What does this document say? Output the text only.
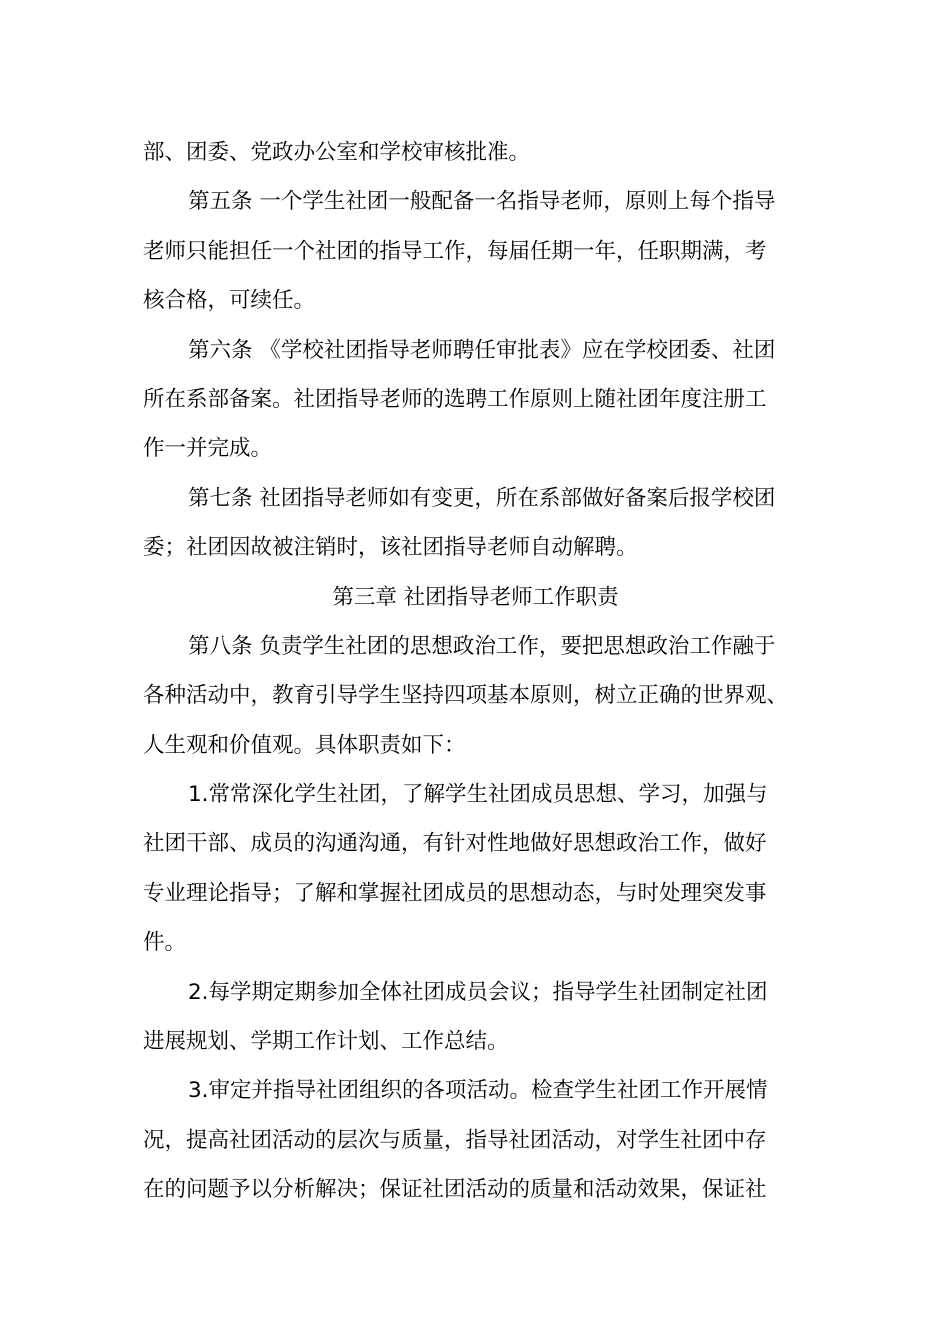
部、团委、党政办公室和学校审核批准。
第五条 一个学生社团一般配备一名指导老师，原则上每个指导
老师只能担任一个社团的指导工作，每届任期一年，任职期满，考
核合格，可续任。
第六条 《学校社团指导老师聘任审批表》应在学校团委、社团
所在系部备案。社团指导老师的选聘工作原则上随社团年度注册工
作一并完成。
第七条 社团指导老师如有变更，所在系部做好备案后报学校团
委；社团因故被注销时，该社团指导老师自动解聘。
第三章 社团指导老师工作职责
第八条 负责学生社团的思想政治工作，要把思想政治工作融于
各种活动中，教育引导学生坚持四项基本原则，树立正确的世界观、
人生观和价值观。具体职责如下：
1.常常深化学生社团，了解学生社团成员思想、学习，加强与
社团干部、成员的沟通沟通，有针对性地做好思想政治工作，做好
专业理论指导；了解和掌握社团成员的思想动态，与时处理突发事
件。
2.每学期定期参加全体社团成员会议；指导学生社团制定社团
进展规划、学期工作计划、工作总结。
3.审定并指导社团组织的各项活动。检查学生社团工作开展情
况，提高社团活动的层次与质量，指导社团活动，对学生社团中存
在的问题予以分析解决；保证社团活动的质量和活动效果，保证社
